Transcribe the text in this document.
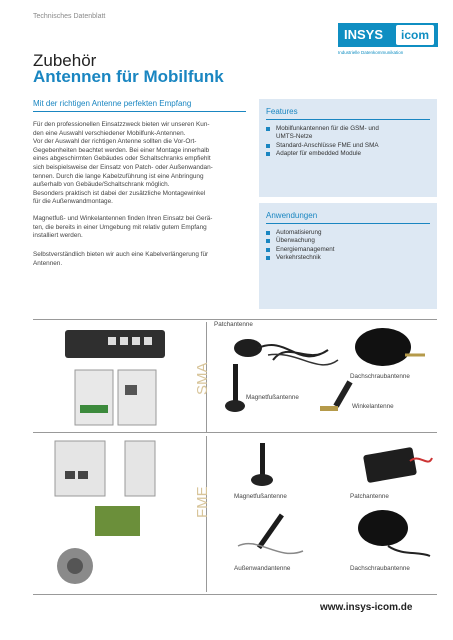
Technisches Datenblatt
INSYS	icom
Industrielle Datenkommunikation
Zubehör
Antennen für Mobilfunk
Mit der richtigen Antenne perfekten Empfang
Für den professionellen Einsatzzweck bieten wir unseren Kun-
den eine Auswahl verschiedener Mobilfunk-Antennen.
Vor der Auswahl der richtigen Antenne sollten die Vor-Ort-
Gegebenheiten beachtet werden. Bei einer Montage innerhalb
eines abgeschirmten Gebäudes oder Schaltschranks empfiehlt
sich beispielsweise der Einsatz von Patch- oder Außenwandan-
tennen. Durch die lange Kabelzuführung ist eine Anbringung
außerhalb von Gebäude/Schaltschrank möglich.
Besonders praktisch ist dabei der zusätzliche Montagewinkel
für die Außenwandmontage.
Magnetfuß- und Winkelantennen finden Ihren Einsatz bei Gerä-
ten, die bereits in einer Umgebung mit relativ gutem Empfang
installiert werden.
Selbstverständlich bieten wir auch eine Kabelverlängerung für
Antennen.
Features
Mobilfunkantennen für die GSM- und
UMTS-Netze
Standard-Anschlüsse FME und SMA
Adapter für embedded Module
Anwendungen
Automatisierung
Überwachung
Energiemanagement
Verkehrstechnik
SMA
Patchantenne
Dachschraubantenne
Magnetfußantenne
Winkelantenne
FME	Magnetfußantenne	Patchantenne
Außenwandantenne	Dachschraubantenne
www.insys-icom.de
